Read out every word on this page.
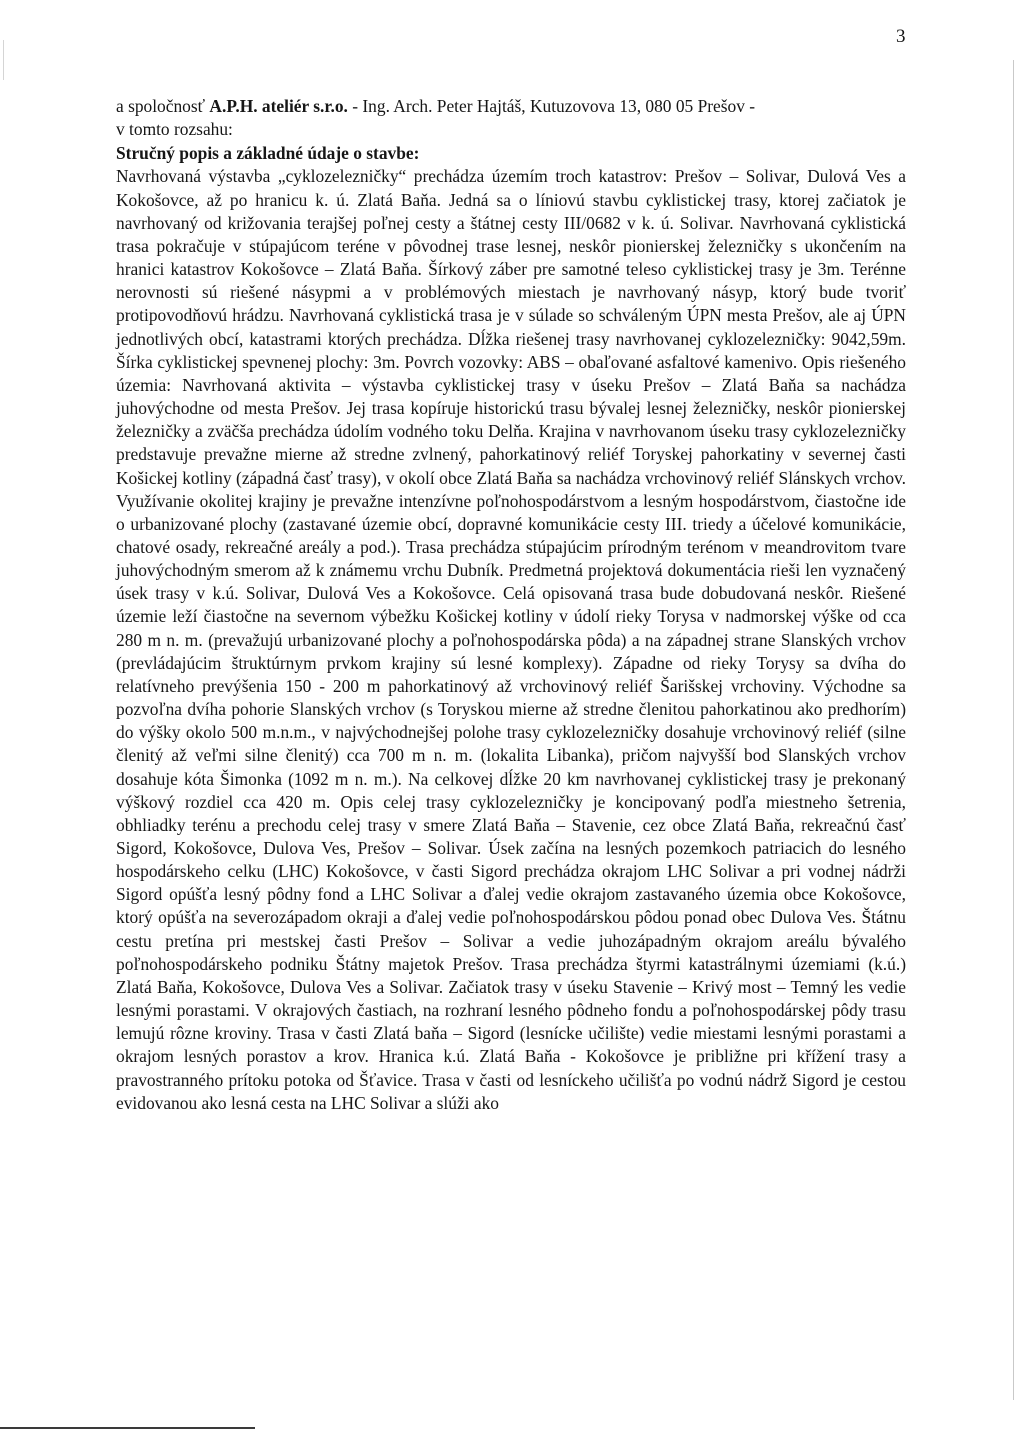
3
a spoločnosť A.P.H. ateliér s.r.o. - Ing. Arch. Peter Hajtáš, Kutuzovova 13, 080 05 Prešov -
v tomto rozsahu:
Stručný popis a základné údaje o stavbe:

Navrhovaná výstavba „cyklozelezničky“ prechádza územím troch katastrov: Prešov – Solivar, Dulová Ves a Kokošovce, až po hranicu k. ú. Zlatá Baňa. Jedná sa o líniovú stavbu cyklistickej trasy, ktorej začiatok je navrhovaný od križovania terajšej poľnej cesty a štátnej cesty III/0682 v k. ú. Solivar. Navrhovaná cyklistická trasa pokračuje v stúpajúcom teréne v pôvodnej trase lesnej, neskôr pionierskej železničky s ukončením na hranici katastrov Kokošovce – Zlatá Baňa. Šírkový záber pre samotné teleso cyklistickej trasy je 3m. Terénne nerovnosti sú riešené násypmi a v problémových miestach je navrhovaný násyp, ktorý bude tvoriť protipovodňovú hrádzu. Navrhovaná cyklistická trasa je v súlade so schváleným ÚPN mesta Prešov, ale aj ÚPN jednotlivých obcí, katastrami ktorých prechádza. Dĺžka riešenej trasy navrhovanej cyklozelezničky: 9042,59m. Šírka cyklistickej spevnenej plochy: 3m. Povrch vozovky: ABS – obaľované asfaltové kamenivo. Opis riešeného územia: Navrhovaná aktivita – výstavba cyklistickej trasy v úseku Prešov – Zlatá Baňa sa nachádza juhovýchodne od mesta Prešov. Jej trasa kopíruje historickú trasu bývalej lesnej železničky, neskôr pionierskej železničky a zväčša prechádza údolím vodného toku Delňa. Krajina v navrhovanom úseku trasy cyklozelezničky predstavuje prevažne mierne až stredne zvlnený, pahorkatinový reliéf Toryskej pahorkatiny v severnej časti Košickej kotliny (západná časť trasy), v okolí obce Zlatá Baňa sa nachádza vrchovinový reliéf Slánskych vrchov. Využívanie okolitej krajiny je prevažne intenzívne poľnohospodárstvom a lesným hospodárstvom, čiastočne ide o urbanizované plochy (zastavané územie obcí, dopravné komunikácie cesty III. triedy a účelové komunikácie, chatové osady, rekreačné areály a pod.). Trasa prechádza stúpajúcim prírodným terénom v meandrovitom tvare juhovýchodným smerom až k známemu vrchu Dubník. Predmetná projektová dokumentácia rieši len vyznačený úsek trasy v k.ú. Solivar, Dulová Ves a Kokošovce. Celá opisovaná trasa bude dobudovaná neskôr. Riešené územie leží čiastočne na severnom výbežku Košickej kotliny v údolí rieky Torysa v nadmorskej výške od cca 280 m n. m. (prevažujú urbanizované plochy a poľnohospodárska pôda) a na západnej strane Slanských vrchov (prevládajúcim štruktúrnym prvkom krajiny sú lesné komplexy). Západne od rieky Torysy sa dvíha do relatívneho prevýšenia 150 - 200 m pahorkatinový až vrchovinový reliéf Šarišskej vrchoviny. Východne sa pozvoľna dvíha pohorie Slanských vrchov (s Toryskou mierne až stredne členitou pahorkatinou ako predhorím) do výšky okolo 500 m.n.m., v najvýchodnejšej polohe trasy cyklozelezničky dosahuje vrchovinový reliéf (silne členitý až veľmi silne členitý) cca 700 m n. m. (lokalita Libanka), pričom najvyšší bod Slanských vrchov dosahuje kóta Šimonka (1092 m n. m.). Na celkovej dĺžke 20 km navrhovanej cyklistickej trasy je prekonaný výškový rozdiel cca 420 m. Opis celej trasy cyklozelezničky je koncipovaný podľa miestneho šetrenia, obhliadky terénu a prechodu celej trasy v smere Zlatá Baňa – Stavenie, cez obce Zlatá Baňa, rekreačnú časť Sigord, Kokošovce, Dulova Ves, Prešov – Solivar. Úsek začína na lesných pozemkoch patriacich do lesného hospodárskeho celku (LHC) Kokošovce, v časti Sigord prechádza okrajom LHC Solivar a pri vodnej nádrži Sigord opúšťa lesný pôdny fond a LHC Solivar a ďalej vedie okrajom zastavaného územia obce Kokošovce, ktorý opúšťa na severozápadom okraji a ďalej vedie poľnohospodárskou pôdou ponad obec Dulova Ves. Štátnu cestu pretína pri mestskej časti Prešov – Solivar a vedie juhozápadným okrajom areálu bývalého poľnohospodárskeho podniku Štátny majetok Prešov. Trasa prechádza štyrmi katastrálnymi územiami (k.ú.) Zlatá Baňa, Kokošovce, Dulova Ves a Solivar. Začiatok trasy v úseku Stavenie – Krivý most – Temný les vedie lesnými porastami. V okrajových častiach, na rozhraní lesného pôdneho fondu a poľnohospodárskej pôdy trasu lemujú rôzne kroviny. Trasa v časti Zlatá baňa – Sigord (lesnícke učilište) vedie miestami lesnými porastami a okrajom lesných porastov a krov. Hranica k.ú. Zlatá Baňa - Kokošovce je približne pri křížení trasy a pravostranného prítoku potoka od Šťavice. Trasa v časti od lesníckeho učilišťa po vodnú nádrž Sigord je cestou evidovanou ako lesná cesta na LHC Solivar a slúži ako
